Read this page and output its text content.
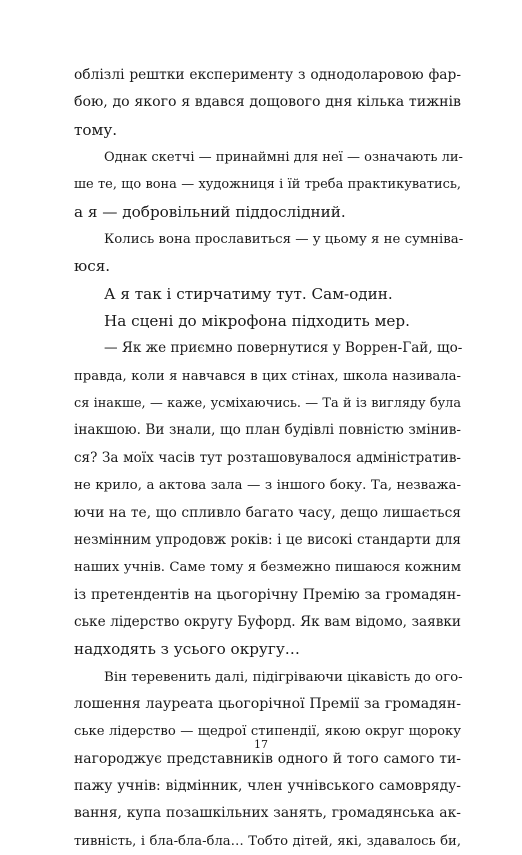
облізлі рештки експерименту з однодоларовою фар-
бою, до якого я вдався дощового дня кілька тижнів
тому.
Однак скетчі — принаймні для неї — означають ли-
ше те, що вона — художниця і їй треба практикуватись,
а я — добровільний піддослідний.
Колись вона прославиться — у цьому я не сумніва-
юся.
А я так і стирчатиму тут. Сам-один.
На сцені до мікрофона підходить мер.
— Як же приємно повернутися у Воррен-Гай, що-
правда, коли я навчався в цих стінах, школа називала-
ся інакше, — каже, усміхаючись. — Та й із вигляду була
інакшою. Ви знали, що план будівлі повністю змінив-
ся? За моїх часів тут розташовувалося адміністратив-
не крило, а актова зала — з іншого боку. Та, незважа-
ючи на те, що спливло багато часу, дещо лишається
незмінним упродовж років: і це високі стандарти для
наших учнів. Саме тому я безмежно пишаюся кожним
із претендентів на цьогорічну Премію за громадян-
ське лідерство округу Буфорд. Як вам відомо, заявки
надходять з усього округу…
Він теревенить далі, підігріваючи цікавість до ого-
лошення лауреата цьогорічної Премії за громадян-
ське лідерство — щедрої стипендії, якою округ щороку
нагороджує представників одного й того самого ти-
пажу учнів: відмінник, член учнівського самовряду-
вання, купа позашкільних занять, громадянська ак-
тивність, і бла-бла-бла… Тобто дітей, які, здавалось би,
17
